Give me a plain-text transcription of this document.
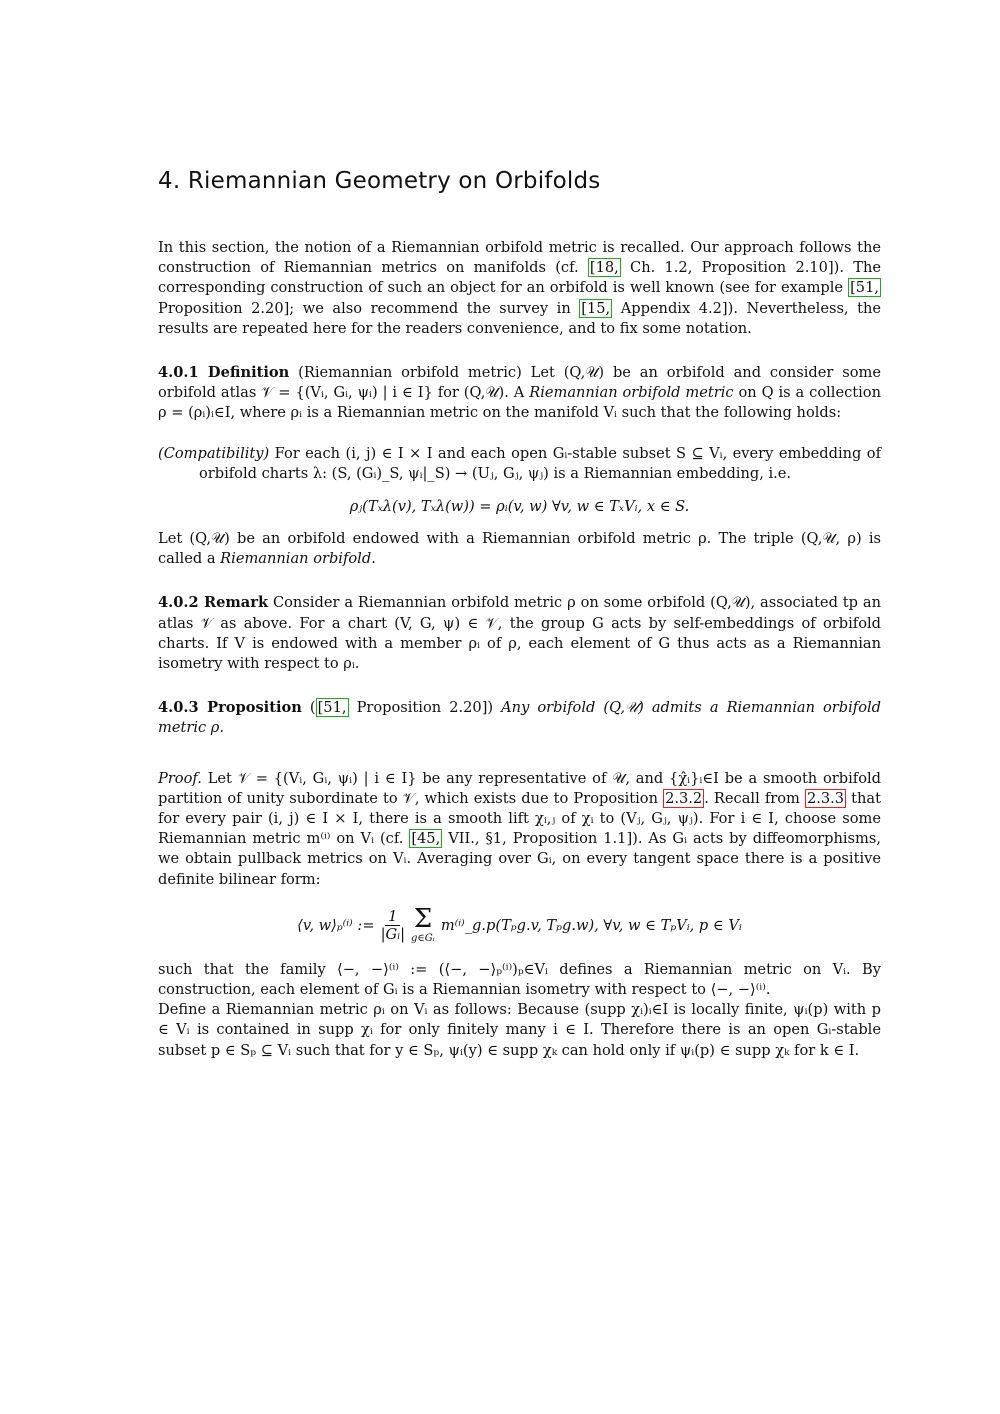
4. Riemannian Geometry on Orbifolds

In this section, the notion of a Riemannian orbifold metric is recalled. Our approach follows the construction of Riemannian metrics on manifolds (cf. [18, Ch. 1.2, Proposition 2.10]). The corresponding construction of such an object for an orbifold is well known (see for example [51, Proposition 2.20]; we also recommend the survey in [15, Appendix 4.2]). Nevertheless, the results are repeated here for the readers convenience, and to fix some notation.

4.0.1 Definition (Riemannian orbifold metric) Let (Q,𝒰) be an orbifold and consider some orbifold atlas 𝒱 = {(Vᵢ, Gᵢ, ψᵢ) | i ∈ I} for (Q,𝒰). A Riemannian orbifold metric on Q is a collection ρ = (ρᵢ)ᵢ∈I, where ρᵢ is a Riemannian metric on the manifold Vᵢ such that the following holds:

(Compatibility) For each (i, j) ∈ I × I and each open Gᵢ-stable subset S ⊆ Vᵢ, every embedding of orbifold charts λ: (S, (Gᵢ)_S, ψᵢ|_S) → (Uⱼ, Gⱼ, ψⱼ) is a Riemannian embedding, i.e.

ρⱼ(Tₓλ(v), Tₓλ(w)) = ρᵢ(v, w) ∀v, w ∈ TₓVᵢ, x ∈ S.

Let (Q,𝒰) be an orbifold endowed with a Riemannian orbifold metric ρ. The triple (Q,𝒰, ρ) is called a Riemannian orbifold.

4.0.2 Remark Consider a Riemannian orbifold metric ρ on some orbifold (Q,𝒰), associated tp an atlas 𝒱 as above. For a chart (V, G, ψ) ∈ 𝒱, the group G acts by self-embeddings of orbifold charts. If V is endowed with a member ρᵢ of ρ, each element of G thus acts as a Riemannian isometry with respect to ρᵢ.

4.0.3 Proposition ( [51, Proposition 2.20]) Any orbifold (Q,𝒰) admits a Riemannian orbifold metric ρ.

Proof. Let 𝒱 = {(Vᵢ, Gᵢ, ψᵢ) | i ∈ I} be any representative of 𝒰, and {χ̂ᵢ}ᵢ∈I be a smooth orbifold partition of unity subordinate to 𝒱, which exists due to Proposition 2.3.2 . Recall from 2.3.3 that for every pair (i, j) ∈ I × I, there is a smooth lift χᵢ,ⱼ of χᵢ to (Vⱼ, Gⱼ, ψⱼ). For i ∈ I, choose some Riemannian metric m⁽ⁱ⁾ on Vᵢ (cf. [45, VII., §1, Proposition 1.1]). As Gᵢ acts by diffeomorphisms, we obtain pullback metrics on Vᵢ. Averaging over Gᵢ, on every tangent space there is a positive definite bilinear form:

⟨v, w⟩ₚ⁽ⁱ⁾ := $\frac{1}{\text{|Gᵢ|}}$ Σ
g∈Gᵢ
m⁽ⁱ⁾_g.p(Tₚg.v, Tₚg.w), ∀v, w ∈ TₚVᵢ, p ∈ Vᵢ

such that the family ⟨−, −⟩⁽ⁱ⁾ := (⟨−, −⟩ₚ⁽ⁱ⁾)ₚ∈Vᵢ defines a Riemannian metric on Vᵢ. By construction, each element of Gᵢ is a Riemannian isometry with respect to ⟨−, −⟩⁽ⁱ⁾.

Define a Riemannian metric ρᵢ on Vᵢ as follows: Because (supp χᵢ)ᵢ∈I is locally finite, ψᵢ(p) with p ∈ Vᵢ is contained in supp χᵢ for only finitely many i ∈ I. Therefore there is an open Gᵢ-stable subset p ∈ Sₚ ⊆ Vᵢ such that for y ∈ Sₚ, ψᵢ(y) ∈ supp χₖ can hold only if ψᵢ(p) ∈ supp χₖ for k ∈ I.
